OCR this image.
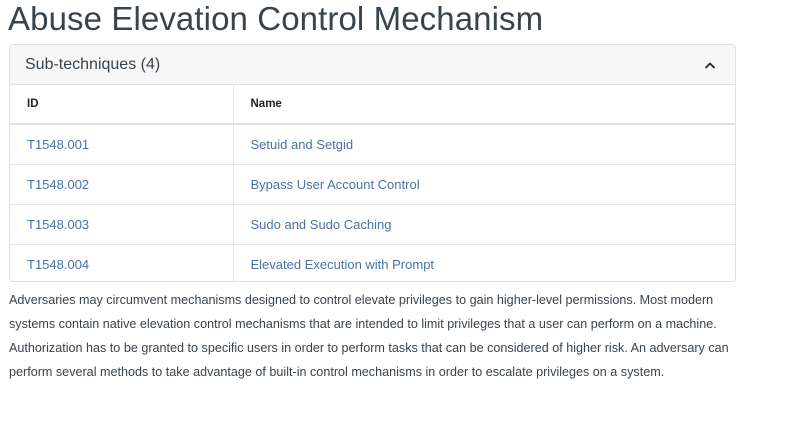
Abuse Elevation Control Mechanism
Sub-techniques (4)
ID	Name
T1548.001	Setuid and Setgid
T1548.002	Bypass User Account Control
T1548.003	Sudo and Sudo Caching
T1548.004	Elevated Execution with Prompt

Adversaries may circumvent mechanisms designed to control elevate privileges to gain higher-level permissions. Most modern systems contain native elevation control mechanisms that are intended to limit privileges that a user can perform on a machine. Authorization has to be granted to specific users in order to perform tasks that can be considered of higher risk. An adversary can perform several methods to take advantage of built-in control mechanisms in order to escalate privileges on a system.
